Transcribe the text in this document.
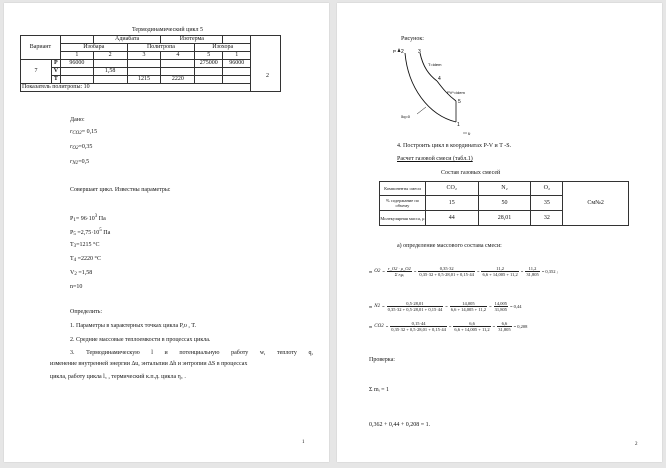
Термодинамический цикл 5
Вариант			Адиабата		Изотерма			
		Изобара		Политропа		Изохора		
		1	2	3	4	5	1	
7	P	96000				275000	96000	
	V		1,58					
	T			1215	2220			
Показатель политропы: 10								
2
Дано:
$r_{CO2}= 0,15$
$r_{O2}=0,35$
$r_{N2}=0,5$
Совершает цикл. Известны параметры:
$P_1= 96\cdot 10^3$ Па
$P_5 =2,75\cdot 10^5$ Па
$T_3=1215$ °C
$T_4 =2220$ °C
$V_2 =1,58$
n=10
Определить:
1. Параметры в характерных точках цикла P,υ , T.
2. Средние массовые теплоемкости в процессах цикла.
3. Термодинамическую l и потенциальную работу w, теплоту q,
изменение внутренней энергии Δu, энтальпии Δh и энтропии ΔS в процессах
цикла, работу цикла l꜀ , термический к.п.д. цикла η꜀ .
1
Рисунок:
P 2	3
4
5
1
T=idem
PVⁿ=idem
δq=0
υ
4. Построить цикл в координатах P-V и T -S.
Расчет газовой смеси (табл.1)
Состав газовых смесей
Компоненты смеси	CO₂	N₂	O₂	См№2
% содержание по объему	15	50	35	
Молекулярная масса, μ	44	28,01	32	
а) определение массового состава смеси:
m $O2 = \frac{r\_O2 \cdot \mu\_O2}{\text{Σ rᵢμᵢ}} = \frac{0,35\cdot 32}{0,35\cdot 32 + 0,5\cdot 28,01 + 0,15\cdot 44} = \frac{11,2}{6,6 + 14,005 + 11,2} = \frac{11,2}{31,805} = 0,352$ ;
m $N2 = \frac{0,5\cdot 28,01}{0,35\cdot 32 + 0,5\cdot 28,01 + 0,15\cdot 44} = \frac{14,005}{6,6 + 14,005 + 11,2} = \frac{14,005}{31,805} = 0,44$
m $CO2 = \frac{0,15\cdot 44}{0,35\cdot 32 + 0,5\cdot 28,01 + 0,15\cdot 44} = \frac{6,6}{6,6 + 14,005 + 11,2} = \frac{6,6}{31,805} = 0,208$
Проверка:
Σ mᵢ = 1
0,362 + 0,44 + 0,208 = 1.
2
